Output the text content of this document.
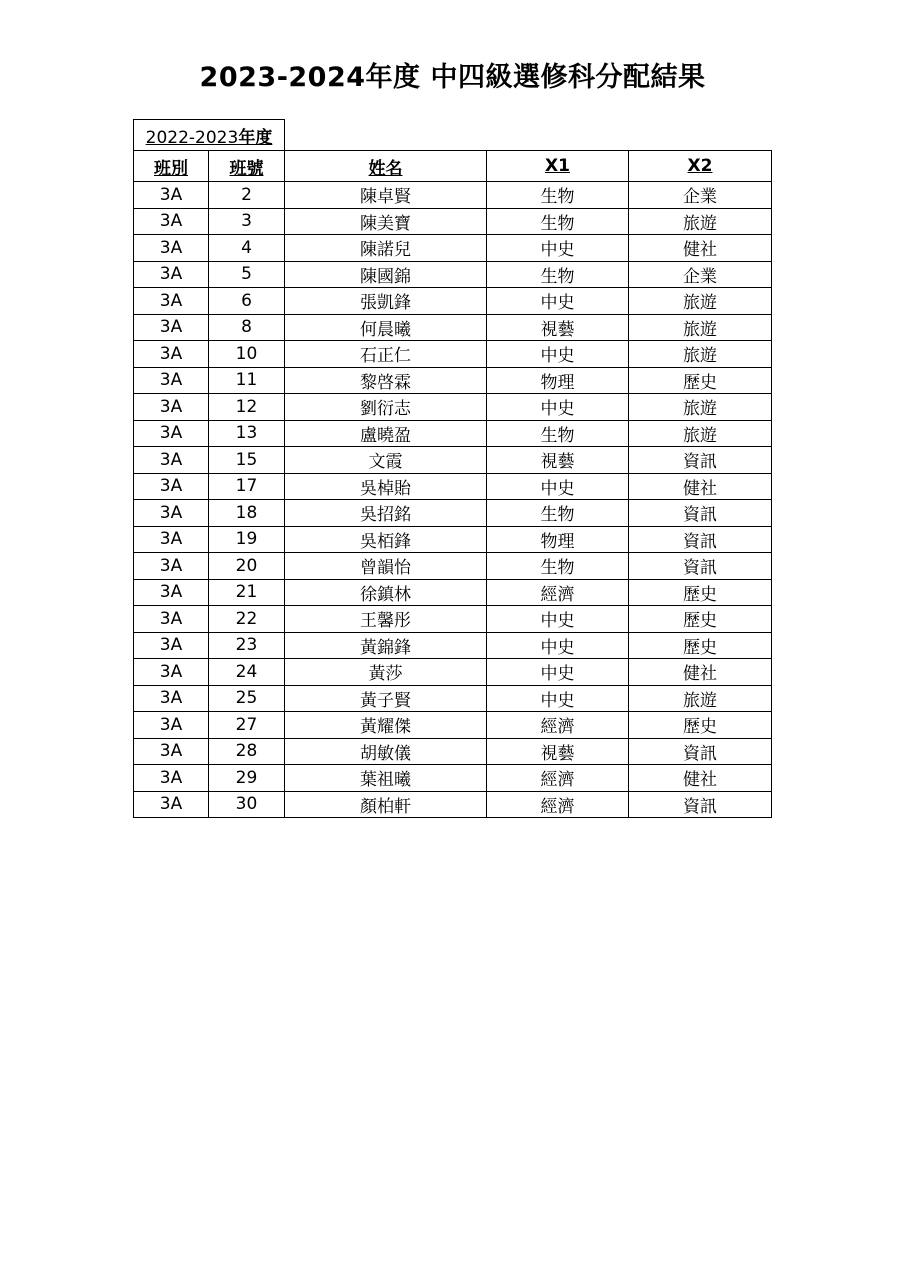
2023-2024年度 中四級選修科分配結果
2022-2023年度				
班別	班號	姓名	X1	X2
3A	2	陳卓賢	生物	企業
3A	3	陳美寶	生物	旅遊
3A	4	陳諾兒	中史	健社
3A	5	陳國錦	生物	企業
3A	6	張凱鋒	中史	旅遊
3A	8	何晨曦	視藝	旅遊
3A	10	石正仁	中史	旅遊
3A	11	黎啓霖	物理	歷史
3A	12	劉衍志	中史	旅遊
3A	13	盧曉盈	生物	旅遊
3A	15	文霞	視藝	資訊
3A	17	吳棹貽	中史	健社
3A	18	吳招銘	生物	資訊
3A	19	吳栢鋒	物理	資訊
3A	20	曾韻怡	生物	資訊
3A	21	徐鎮林	經濟	歷史
3A	22	王馨彤	中史	歷史
3A	23	黃錦鋒	中史	歷史
3A	24	黃莎	中史	健社
3A	25	黃子賢	中史	旅遊
3A	27	黃耀傑	經濟	歷史
3A	28	胡敏儀	視藝	資訊
3A	29	葉祖曦	經濟	健社
3A	30	顏柏軒	經濟	資訊
